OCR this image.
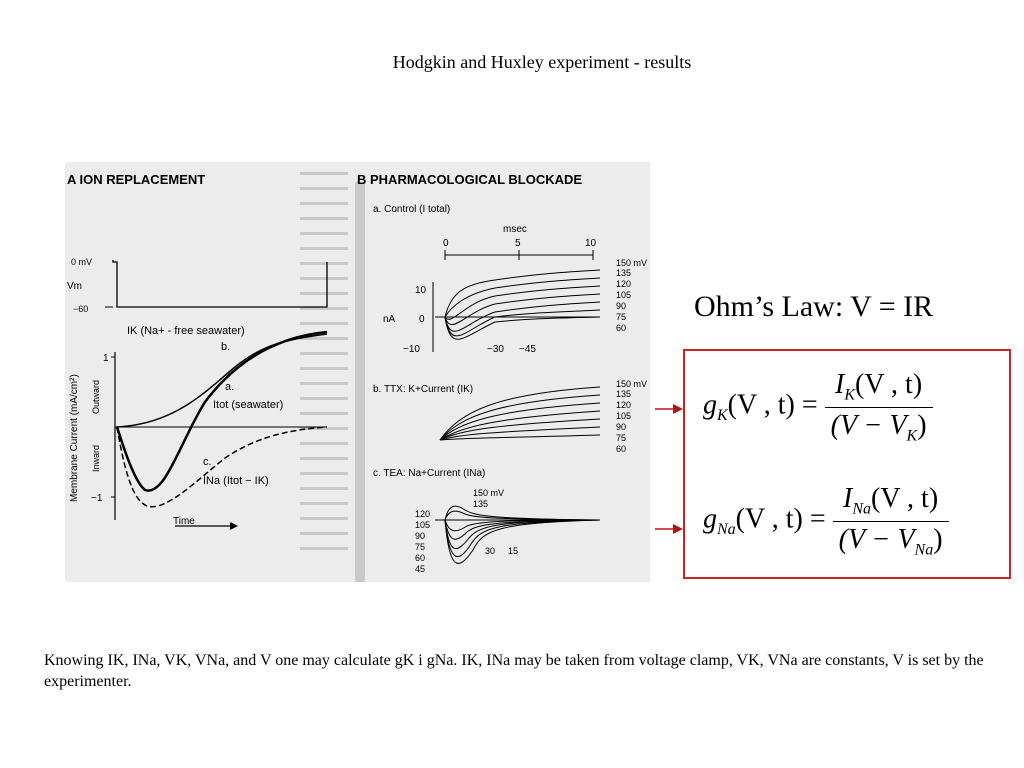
Hodgkin and Huxley experiment - results
A ION REPLACEMENT
0 mV
Vm
−60
IK (Na+ - free seawater)
b.
a.
Itot (seawater)
c.
INa (Itot − IK)
1
−1
Membrane Current (mA/cm²) Outward
Inward
Time
B PHARMACOLOGICAL BLOCKADE
a. Control (I total)
msec
0	5	10
nA
10
0
−10	−30 −45
b. TTX: K+Current (IK)
c. TEA: Na+Current (INa)
150 mV
135
30 15
150 mV
135
120
105
90
75
60
150 mV
135
120
105
90
75
60
120
105
90
75
60
45
Ohm’s Law: V = IR
$g_K(V$ , $t) = \frac{I_K(V , t)}{(V - V_K)}$
$g_{Na}(V$ , $t) = \frac{I_{Na}(V , t)}{(V - V_{Na})}$
Knowing IK, INa, VK, VNa, and V one may calculate gK i gNa. IK, INa may be taken from voltage clamp, VK, VNa are constants, V is set by the experimenter.
